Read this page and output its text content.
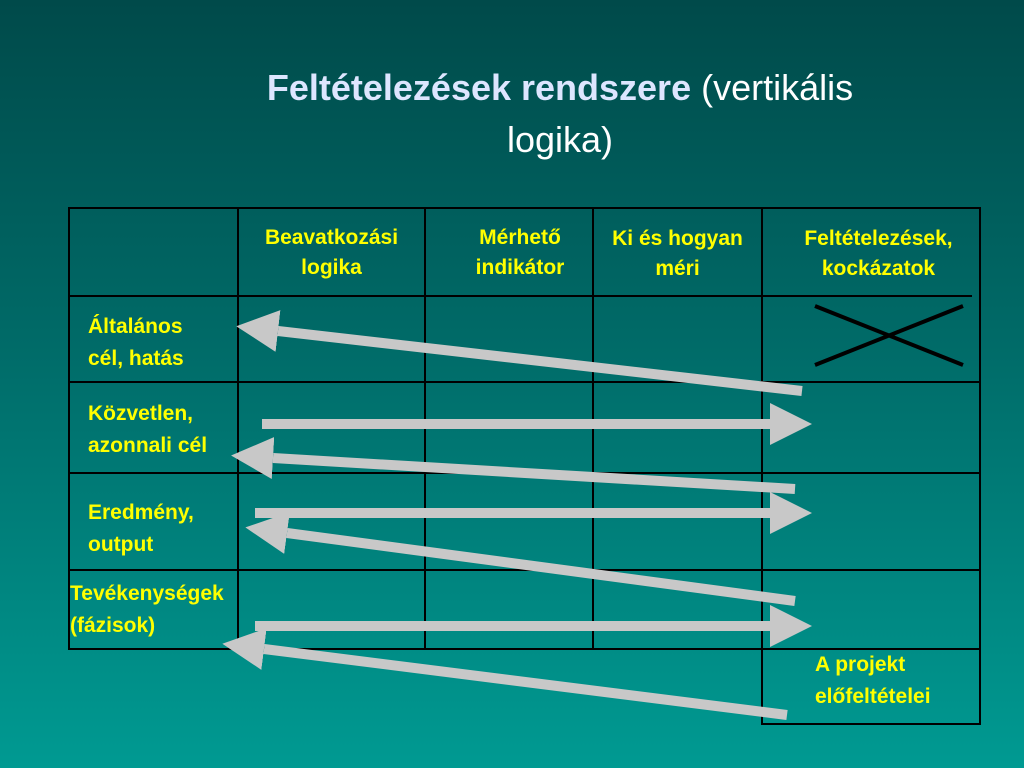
Feltételezések rendszere (vertikális
logika)
Beavatkozási
logika
Mérhető
indikátor
Ki és hogyan
méri
Feltételezések,
kockázatok
Általános
cél, hatás
Közvetlen,
azonnali cél
Eredmény,
output
Tevékenységek
(fázisok)
A projekt
előfeltételei
